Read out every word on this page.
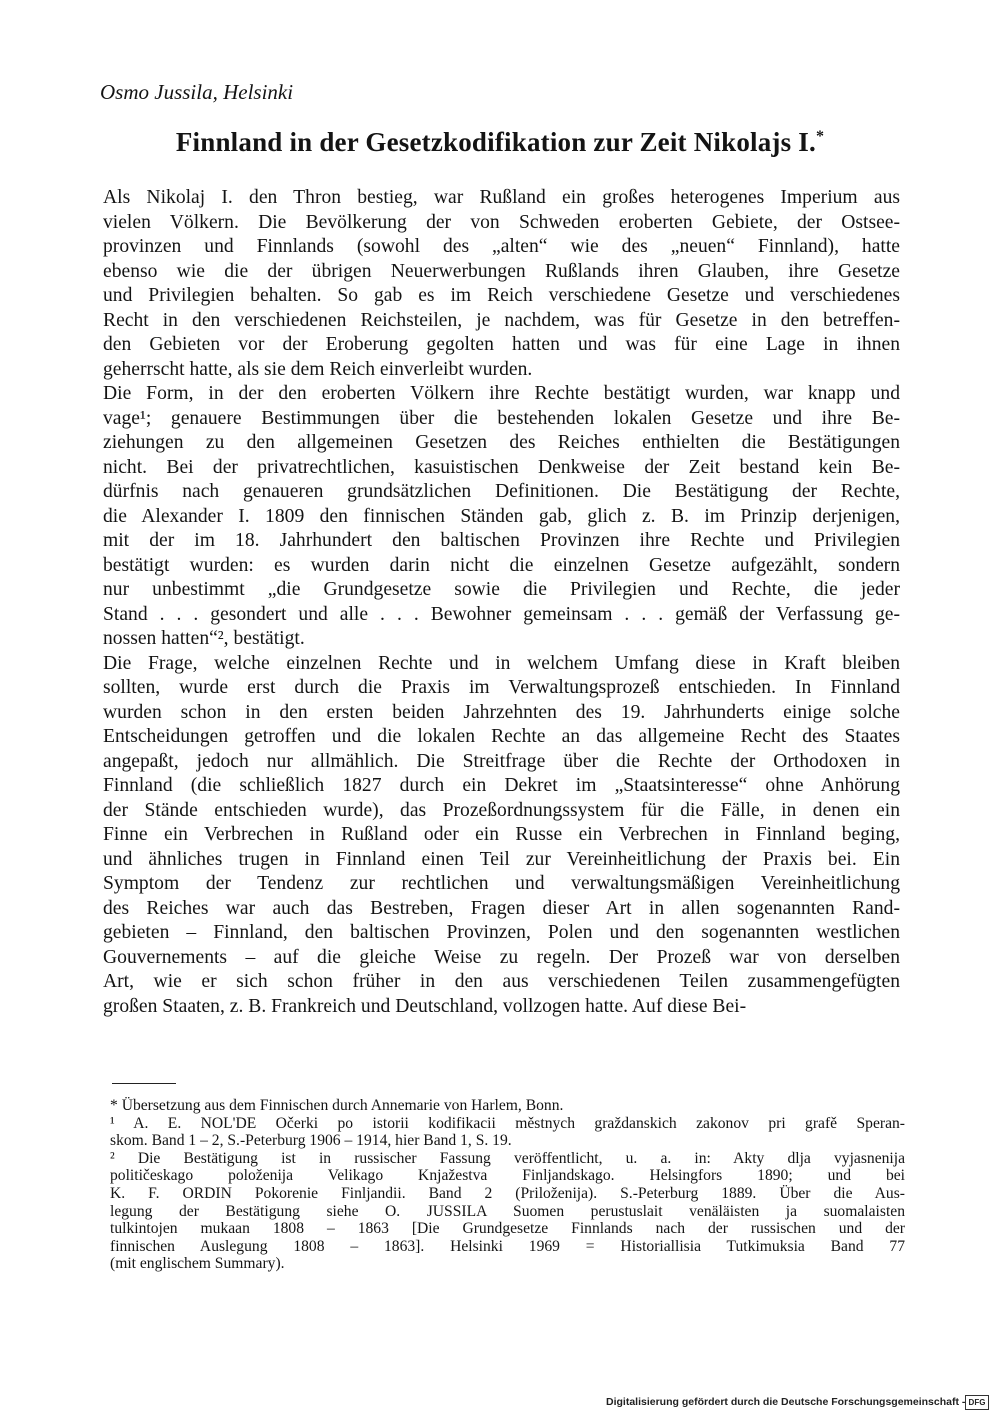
Osmo Jussila, Helsinki
Finnland in der Gesetzkodifikation zur Zeit Nikolajs I.*
Als Nikolaj I. den Thron bestieg, war Rußland ein großes heterogenes Imperium aus
vielen Völkern. Die Bevölkerung der von Schweden eroberten Gebiete, der Ostsee-
provinzen und Finnlands (sowohl des „alten“ wie des „neuen“ Finnland), hatte
ebenso wie die der übrigen Neuerwerbungen Rußlands ihren Glauben, ihre Gesetze
und Privilegien behalten. So gab es im Reich verschiedene Gesetze und verschiedenes
Recht in den verschiedenen Reichsteilen, je nachdem, was für Gesetze in den betreffen-
den Gebieten vor der Eroberung gegolten hatten und was für eine Lage in ihnen
geherrscht hatte, als sie dem Reich einverleibt wurden.
Die Form, in der den eroberten Völkern ihre Rechte bestätigt wurden, war knapp und
vage¹; genauere Bestimmungen über die bestehenden lokalen Gesetze und ihre Be-
ziehungen zu den allgemeinen Gesetzen des Reiches enthielten die Bestätigungen
nicht. Bei der privatrechtlichen, kasuistischen Denkweise der Zeit bestand kein Be-
dürfnis nach genaueren grundsätzlichen Definitionen. Die Bestätigung der Rechte,
die Alexander I. 1809 den finnischen Ständen gab, glich z. B. im Prinzip derjenigen,
mit der im 18. Jahrhundert den baltischen Provinzen ihre Rechte und Privilegien
bestätigt wurden: es wurden darin nicht die einzelnen Gesetze aufgezählt, sondern
nur unbestimmt „die Grundgesetze sowie die Privilegien und Rechte, die jeder
Stand . . . gesondert und alle . . . Bewohner gemeinsam . . . gemäß der Verfassung ge-
nossen hatten“², bestätigt.
Die Frage, welche einzelnen Rechte und in welchem Umfang diese in Kraft bleiben
sollten, wurde erst durch die Praxis im Verwaltungsprozeß entschieden. In Finnland
wurden schon in den ersten beiden Jahrzehnten des 19. Jahrhunderts einige solche
Entscheidungen getroffen und die lokalen Rechte an das allgemeine Recht des Staates
angepaßt, jedoch nur allmählich. Die Streitfrage über die Rechte der Orthodoxen in
Finnland (die schließlich 1827 durch ein Dekret im „Staatsinteresse“ ohne Anhörung
der Stände entschieden wurde), das Prozeßordnungssystem für die Fälle, in denen ein
Finne ein Verbrechen in Rußland oder ein Russe ein Verbrechen in Finnland beging,
und ähnliches trugen in Finnland einen Teil zur Vereinheitlichung der Praxis bei. Ein
Symptom der Tendenz zur rechtlichen und verwaltungsmäßigen Vereinheitlichung
des Reiches war auch das Bestreben, Fragen dieser Art in allen sogenannten Rand-
gebieten – Finnland, den baltischen Provinzen, Polen und den sogenannten westlichen
Gouvernements – auf die gleiche Weise zu regeln. Der Prozeß war von derselben
Art, wie er sich schon früher in den aus verschiedenen Teilen zusammengefügten
großen Staaten, z. B. Frankreich und Deutschland, vollzogen hatte. Auf diese Bei-
* Übersetzung aus dem Finnischen durch Annemarie von Harlem, Bonn.
¹ A. E. NOL'DE Očerki po istorii kodifikacii městnych graždanskich zakonov pri grafě Speran-
skom. Band 1 – 2, S.-Peterburg 1906 – 1914, hier Band 1, S. 19.
² Die Bestätigung ist in russischer Fassung veröffentlicht, u. a. in: Akty dlja vyjasnenija
političeskago položenija Velikago Knjažestva Finljandskago. Helsingfors 1890; und bei
K. F. ORDIN Pokorenie Finljandii. Band 2 (Priloženija). S.-Peterburg 1889. Über die Aus-
legung der Bestätigung siehe O. JUSSILA Suomen perustuslait venäläisten ja suomalaisten
tulkintojen mukaan 1808 – 1863 [Die Grundgesetze Finnlands nach der russischen und der
finnischen Auslegung 1808 – 1863]. Helsinki 1969 = Historiallisia Tutkimuksia Band 77
(mit englischem Summary).
Digitalisierung gefördert durch die Deutsche Forschungsgemeinschaft - DFG
